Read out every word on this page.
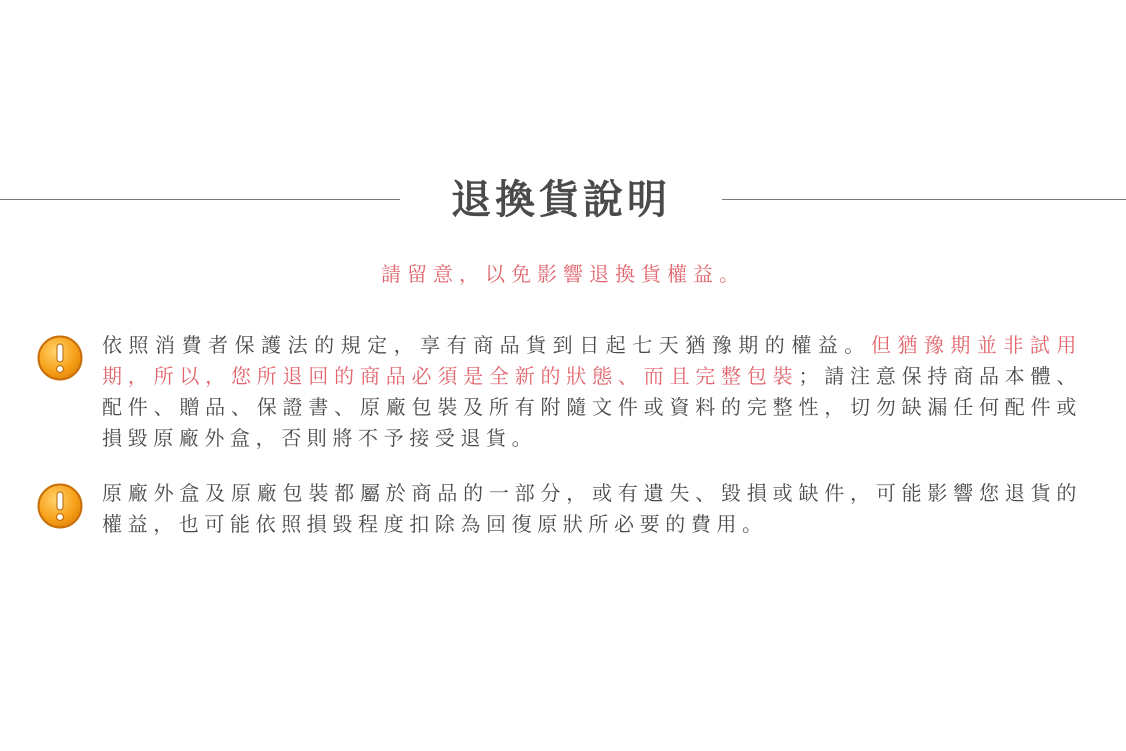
退換貨說明
請留意，以免影響退換貨權益。
依照消費者保護法的規定，享有商品貨到日起七天猶豫期的權益。但猶豫期並非試用期，所以，您所退回的商品必須是全新的狀態、而且完整包裝；請注意保持商品本體、配件、贈品、保證書、原廠包裝及所有附隨文件或資料的完整性，切勿缺漏任何配件或損毀原廠外盒，否則將不予接受退貨。
原廠外盒及原廠包裝都屬於商品的一部分，或有遺失、毀損或缺件，可能影響您退貨的權益，也可能依照損毀程度扣除為回復原狀所必要的費用。
